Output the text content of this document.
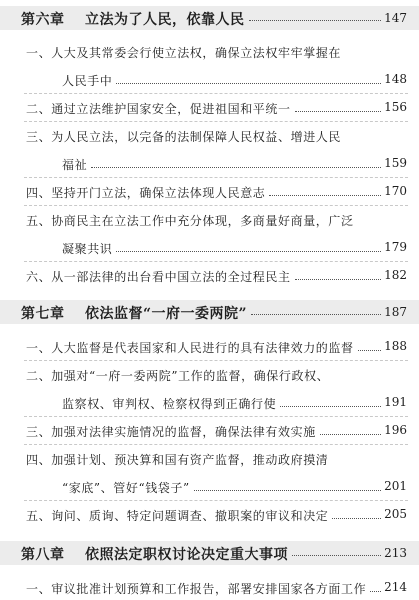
第六章 立法为了人民，依靠人民	147
一、人大及其常委会行使立法权，确保立法权牢牢掌握在
人民手中	148
二、通过立法维护国家安全，促进祖国和平统一	156
三、为人民立法，以完备的法制保障人民权益、增进人民
福祉	159
四、坚持开门立法，确保立法体现人民意志	170
五、协商民主在立法工作中充分体现，多商量好商量，广泛
凝聚共识	179
六、从一部法律的出台看中国立法的全过程民主	182
第七章 依法监督“一府一委两院”	187
一、人大监督是代表国家和人民进行的具有法律效力的监督	188
二、加强对“一府一委两院”工作的监督，确保行政权、
监察权、审判权、检察权得到正确行使	191
三、加强对法律实施情况的监督，确保法律有效实施	196
四、加强计划、预决算和国有资产监督，推动政府摸清
“家底”、管好“钱袋子”	201
五、询问、质询、特定问题调查、撤职案的审议和决定	205
第八章 依照法定职权讨论决定重大事项	213
一、审议批准计划预算和工作报告，部署安排国家各方面工作 214
